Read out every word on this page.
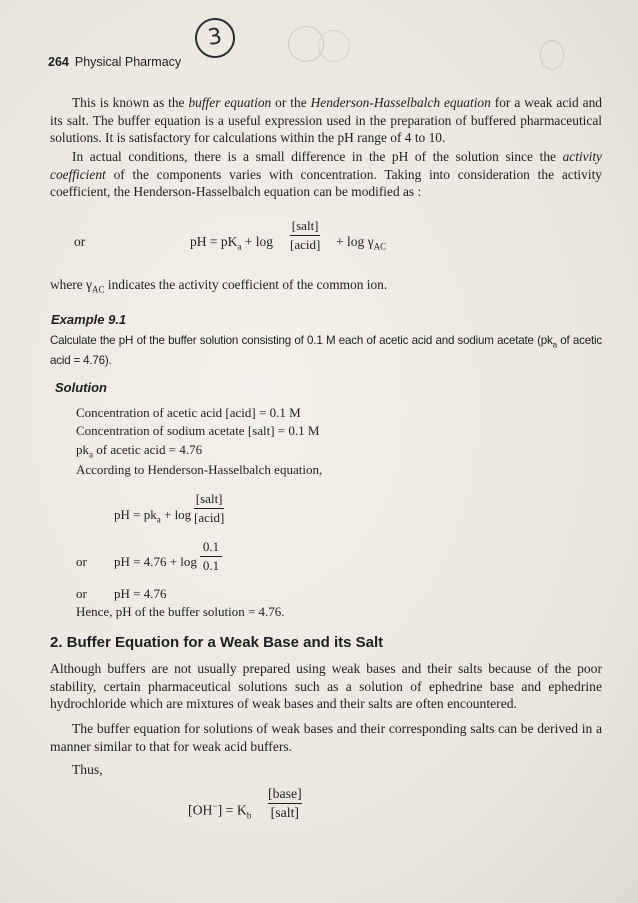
3
264 Physical Pharmacy

This is known as the buffer equation or the Henderson-Hasselbalch equation for a weak acid and its salt. The buffer equation is a useful expression used in the preparation of buffered pharmaceutical solutions. It is satisfactory for calculations within the pH range of 4 to 10.

In actual conditions, there is a small difference in the pH of the solution since the activity coefficient of the components varies with concentration. Taking into consideration the activity coefficient, the Henderson-Hasselbalch equation can be modified as :

or	pH = $pK_a + \log$
[salt]
[acid] + $\log \gamma_{AC}$
where $\gamma_{AC}$ indicates the activity coefficient of the common ion.
Example 9.1

Calculate the pH of the buffer solution consisting of 0.1 M each of acetic acid and sodium acetate ($pk_a$ of acetic acid = 4.76).

Solution
Concentration of acetic acid [acid] = 0.1 M
Concentration of sodium acetate [salt] = 0.1 M
$pk_a$ of acetic acid = 4.76
According to Henderson-Hasselbalch equation,
pH = $pk_a + \log$
[salt]
[acid]
or pH = 4.76 + log
0.1
0.1
or pH = 4.76
Hence, pH of the buffer solution = 4.76.
2. Buffer Equation for a Weak Base and its Salt

Although buffers are not usually prepared using weak bases and their salts because of the poor stability, certain pharmaceutical solutions such as a solution of ephedrine base and ephedrine hydrochloride which are mixtures of weak bases and their salts are often encountered.

The buffer equation for solutions of weak bases and their corresponding salts can be derived in a manner similar to that for weak acid buffers.

Thus,
$[OH^-] = K_b$
[base]
[salt]
